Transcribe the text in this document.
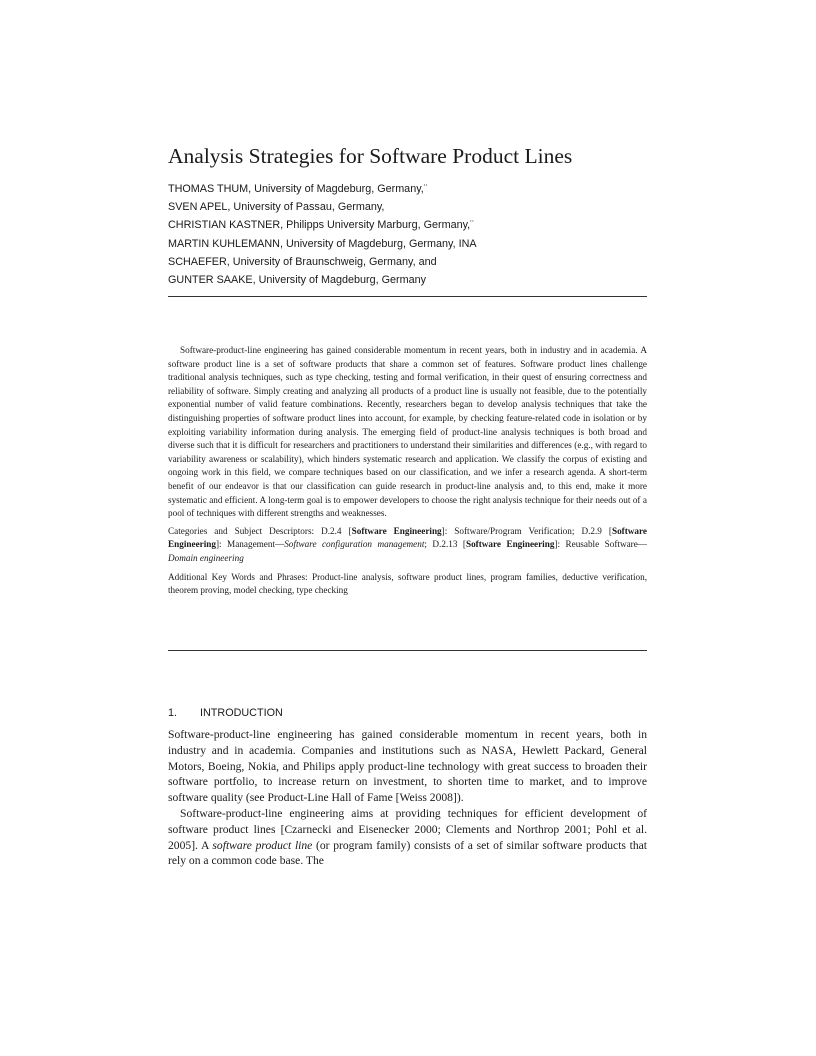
Analysis Strategies for Software Product Lines
THOMAS THUM, University of Magdeburg, Germany,¨
SVEN APEL, University of Passau, Germany,
CHRISTIAN KASTNER, Philipps University Marburg, Germany,¨
MARTIN KUHLEMANN, University of Magdeburg, Germany, INA
SCHAEFER, University of Braunschweig, Germany, and
GUNTER SAAKE, University of Magdeburg, Germany

Software-product-line engineering has gained considerable momentum in recent years, both in industry and in academia. A software product line is a set of software products that share a common set of features. Software product lines challenge traditional analysis techniques, such as type checking, testing and formal verification, in their quest of ensuring correctness and reliability of software. Simply creating and analyzing all products of a product line is usually not feasible, due to the potentially exponential number of valid feature combinations. Recently, researchers began to develop analysis techniques that take the distinguishing properties of software product lines into account, for example, by checking feature-related code in isolation or by exploiting variability information during analysis. The emerging field of product-line analysis techniques is both broad and diverse such that it is difficult for researchers and practitioners to understand their similarities and differences (e.g., with regard to variability awareness or scalability), which hinders systematic research and application. We classify the corpus of existing and ongoing work in this field, we compare techniques based on our classification, and we infer a research agenda. A short-term benefit of our endeavor is that our classification can guide research in product-line analysis and, to this end, make it more systematic and efficient. A long-term goal is to empower developers to choose the right analysis technique for their needs out of a pool of techniques with different strengths and weaknesses.

Categories and Subject Descriptors: D.2.4 [Software Engineering]: Software/Program Verification; D.2.9 [Software Engineering]: Management—Software configuration management; D.2.13 [Software Engineering]: Reusable Software—Domain engineering

Additional Key Words and Phrases: Product-line analysis, software product lines, program families, deductive verification, theorem proving, model checking, type checking

1. INTRODUCTION

Software-product-line engineering has gained considerable momentum in recent years, both in industry and in academia. Companies and institutions such as NASA, Hewlett Packard, General Motors, Boeing, Nokia, and Philips apply product-line technology with great success to broaden their software portfolio, to increase return on investment, to shorten time to market, and to improve software quality (see Product-Line Hall of Fame [Weiss 2008]).

Software-product-line engineering aims at providing techniques for efficient development of software product lines [Czarnecki and Eisenecker 2000; Clements and Northrop 2001; Pohl et al. 2005]. A software product line (or program family) consists of a set of similar software products that rely on a common code base. The
